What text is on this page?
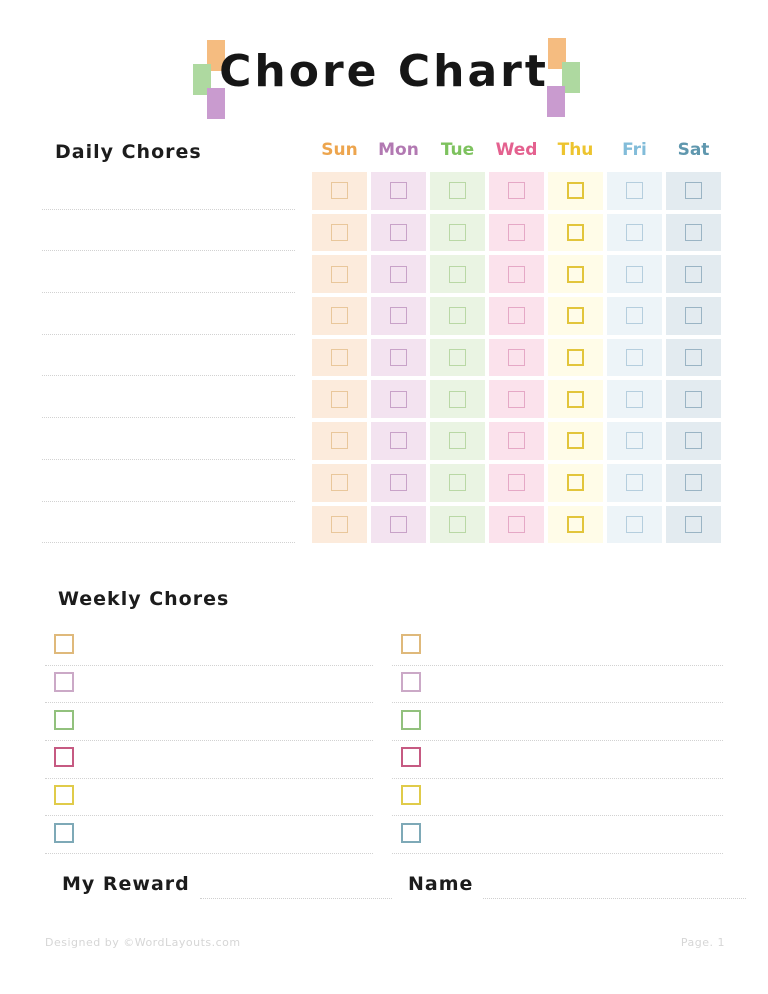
Chore Chart
Daily Chores	Sun	Mon	Tue	Wed	Thu	Fri	Sat
Weekly Chores
My Reward	Name
Designed by ©WordLayouts.com	Page. 1
